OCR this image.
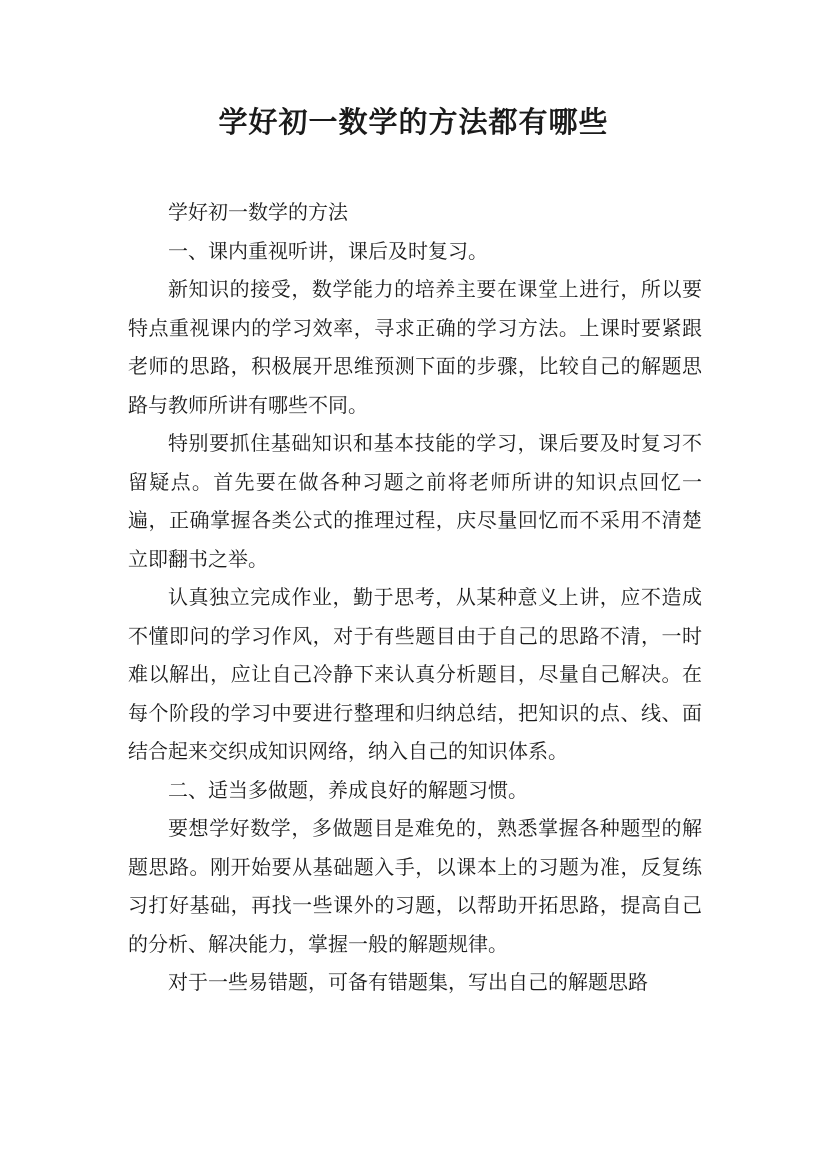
学好初一数学的方法都有哪些

学好初一数学的方法

一、课内重视听讲，课后及时复习。

新知识的接受，数学能力的培养主要在课堂上进行，所以要特点重视课内的学习效率，寻求正确的学习方法。上课时要紧跟老师的思路，积极展开思维预测下面的步骤，比较自己的解题思路与教师所讲有哪些不同。

特别要抓住基础知识和基本技能的学习，课后要及时复习不留疑点。首先要在做各种习题之前将老师所讲的知识点回忆一遍，正确掌握各类公式的推理过程，庆尽量回忆而不采用不清楚立即翻书之举。

认真独立完成作业，勤于思考，从某种意义上讲，应不造成不懂即问的学习作风，对于有些题目由于自己的思路不清，一时难以解出，应让自己冷静下来认真分析题目，尽量自己解决。在每个阶段的学习中要进行整理和归纳总结，把知识的点、线、面结合起来交织成知识网络，纳入自己的知识体系。

二、适当多做题，养成良好的解题习惯。

要想学好数学，多做题目是难免的，熟悉掌握各种题型的解题思路。刚开始要从基础题入手，以课本上的习题为准，反复练习打好基础，再找一些课外的习题，以帮助开拓思路，提高自己的分析、解决能力，掌握一般的解题规律。

对于一些易错题，可备有错题集，写出自己的解题思路
